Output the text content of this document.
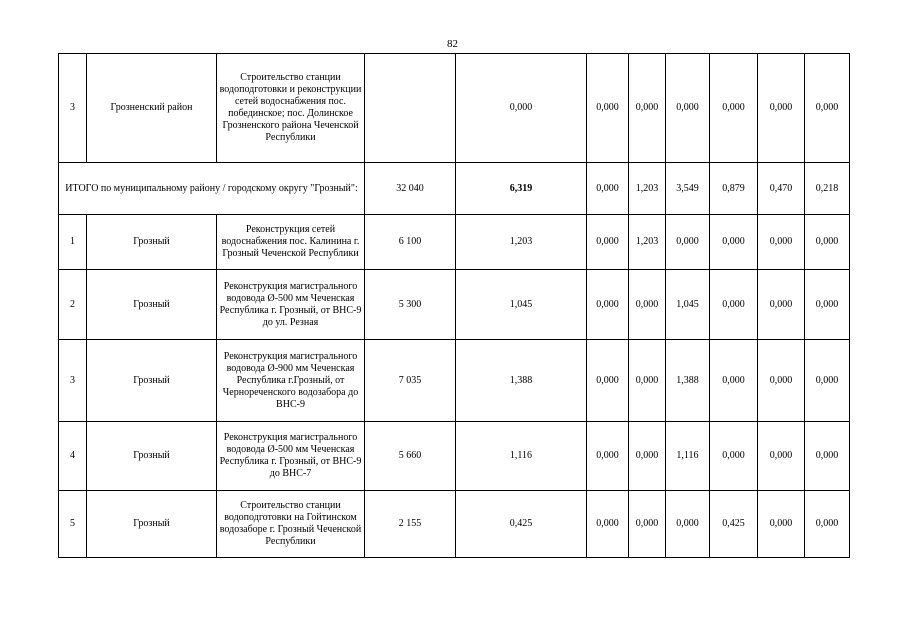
82
3	Грозненский район	Строительство станции водоподготовки и реконструкции сетей водоснабжения пос. побединское; пос. Долинское Грозненского района Чеченской Республики		0,000	0,000	0,000	0,000	0,000	0,000	0,000
ИТОГО по муниципальному району / городскому округу "Грозный":			32 040	6,319	0,000	1,203	3,549	0,879	0,470	0,218
1	Грозный	Реконструкция сетей водоснабжения пос. Калинина г. Грозный Чеченской Республики	6 100	1,203	0,000	1,203	0,000	0,000	0,000	0,000
2	Грозный	Реконструкция магистрального водовода Ø-500 мм Чеченская Республика г. Грозный, от ВНС-9 до ул. Резная	5 300	1,045	0,000	0,000	1,045	0,000	0,000	0,000
3	Грозный	Реконструкция магистрального водовода Ø-900 мм Чеченская Республика г.Грозный, от Чернореченского водозабора до ВНС-9	7 035	1,388	0,000	0,000	1,388	0,000	0,000	0,000
4	Грозный	Реконструкция магистрального водовода Ø-500 мм Чеченская Республика г. Грозный, от ВНС-9 до ВНС-7	5 660	1,116	0,000	0,000	1,116	0,000	0,000	0,000
5	Грозный	Строительство станции водоподготовки на Гойтинском водозаборе г. Грозный Чеченской Республики	2 155	0,425	0,000	0,000	0,000	0,425	0,000	0,000
